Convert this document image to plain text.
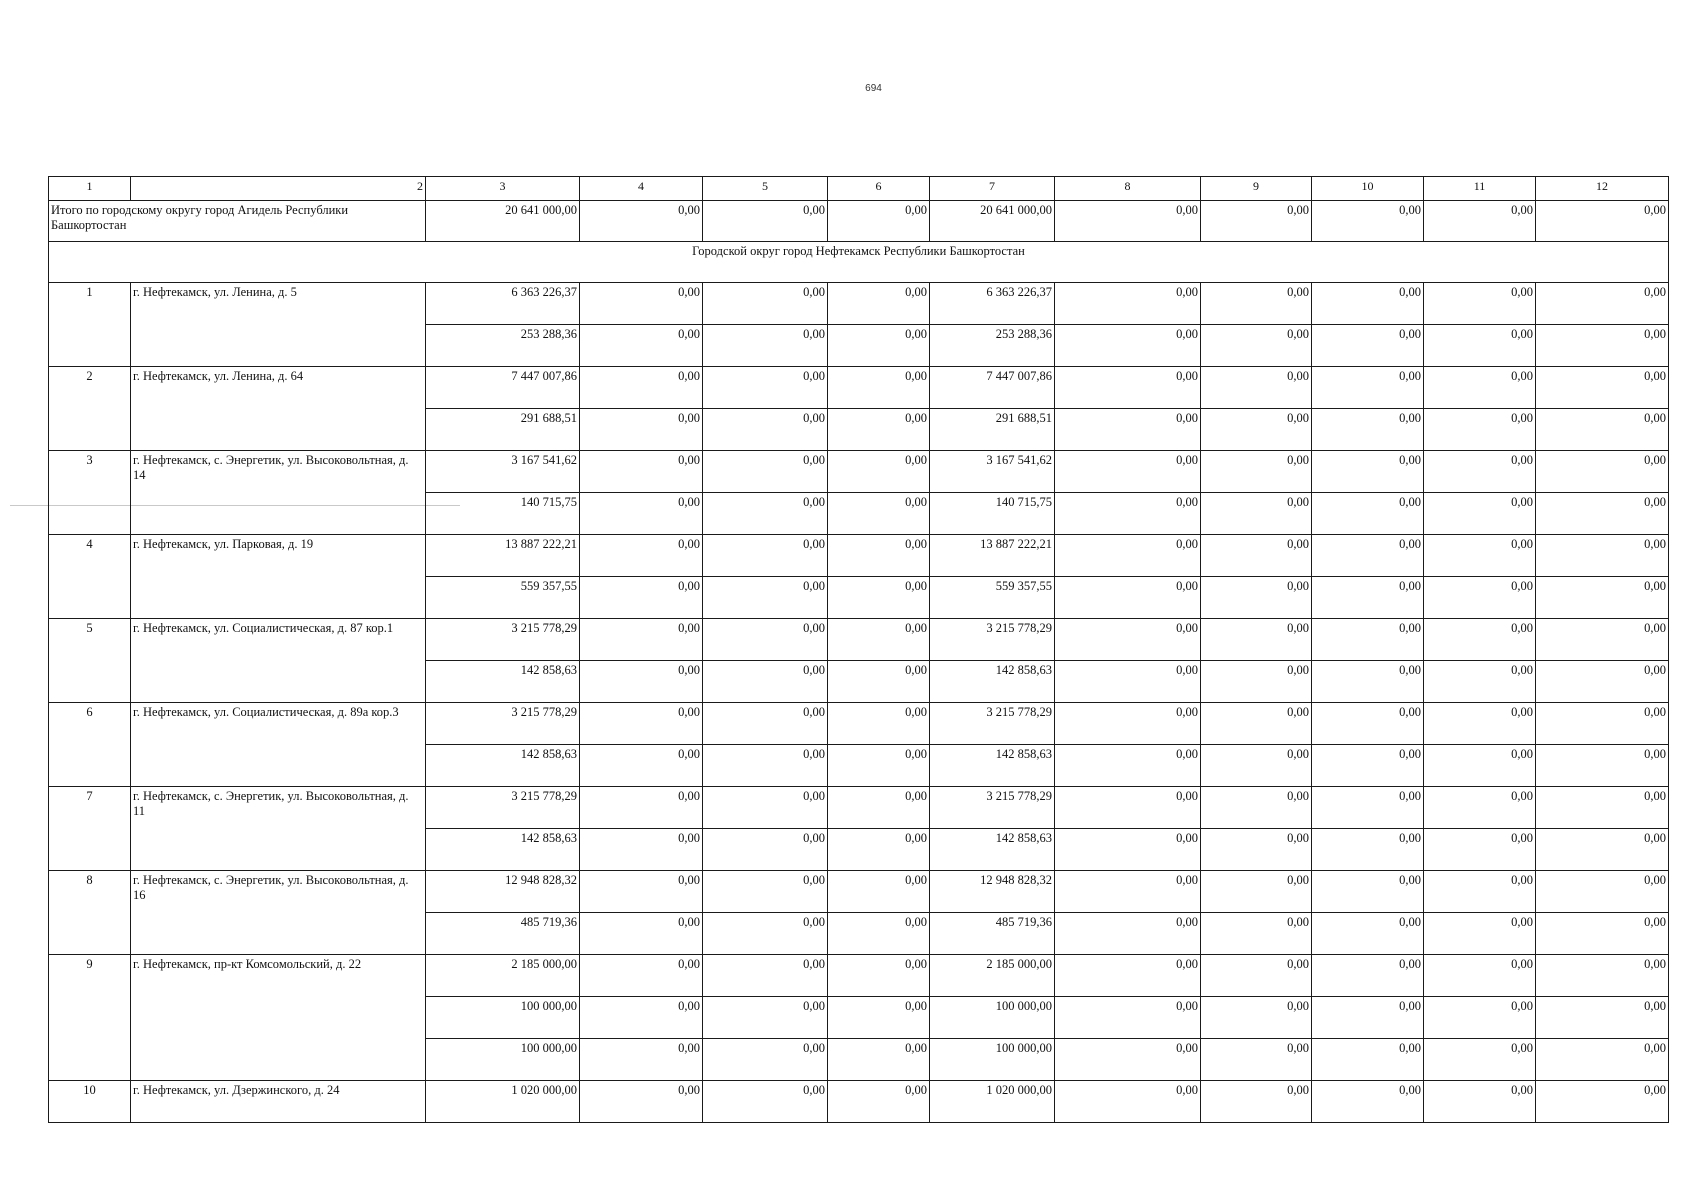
694
1	2	3	4	5	6	7	8	9	10	11	12
Итого по городскому округу город Агидель Республики Башкортостан		20 641 000,00	0,00	0,00	0,00	20 641 000,00	0,00	0,00	0,00	0,00	0,00
Городской округ город Нефтекамск Республики Башкортостан											
1	г. Нефтекамск, ул. Ленина, д. 5	6 363 226,37	0,00	0,00	0,00	6 363 226,37	0,00	0,00	0,00	0,00	0,00
		253 288,36	0,00	0,00	0,00	253 288,36	0,00	0,00	0,00	0,00	0,00
2	г. Нефтекамск, ул. Ленина, д. 64	7 447 007,86	0,00	0,00	0,00	7 447 007,86	0,00	0,00	0,00	0,00	0,00
		291 688,51	0,00	0,00	0,00	291 688,51	0,00	0,00	0,00	0,00	0,00
3	г. Нефтекамск, с. Энергетик, ул. Высоковольтная, д. 14	3 167 541,62	0,00	0,00	0,00	3 167 541,62	0,00	0,00	0,00	0,00	0,00
		140 715,75	0,00	0,00	0,00	140 715,75	0,00	0,00	0,00	0,00	0,00
4	г. Нефтекамск, ул. Парковая, д. 19	13 887 222,21	0,00	0,00	0,00	13 887 222,21	0,00	0,00	0,00	0,00	0,00
		559 357,55	0,00	0,00	0,00	559 357,55	0,00	0,00	0,00	0,00	0,00
5	г. Нефтекамск, ул. Социалистическая, д. 87 кор.1	3 215 778,29	0,00	0,00	0,00	3 215 778,29	0,00	0,00	0,00	0,00	0,00
		142 858,63	0,00	0,00	0,00	142 858,63	0,00	0,00	0,00	0,00	0,00
6	г. Нефтекамск, ул. Социалистическая, д. 89а кор.3	3 215 778,29	0,00	0,00	0,00	3 215 778,29	0,00	0,00	0,00	0,00	0,00
		142 858,63	0,00	0,00	0,00	142 858,63	0,00	0,00	0,00	0,00	0,00
7	г. Нефтекамск, с. Энергетик, ул. Высоковольтная, д. 11	3 215 778,29	0,00	0,00	0,00	3 215 778,29	0,00	0,00	0,00	0,00	0,00
		142 858,63	0,00	0,00	0,00	142 858,63	0,00	0,00	0,00	0,00	0,00
8	г. Нефтекамск, с. Энергетик, ул. Высоковольтная, д. 16	12 948 828,32	0,00	0,00	0,00	12 948 828,32	0,00	0,00	0,00	0,00	0,00
		485 719,36	0,00	0,00	0,00	485 719,36	0,00	0,00	0,00	0,00	0,00
9	г. Нефтекамск, пр-кт Комсомольский, д. 22	2 185 000,00	0,00	0,00	0,00	2 185 000,00	0,00	0,00	0,00	0,00	0,00
		100 000,00	0,00	0,00	0,00	100 000,00	0,00	0,00	0,00	0,00	0,00
		100 000,00	0,00	0,00	0,00	100 000,00	0,00	0,00	0,00	0,00	0,00
10	г. Нефтекамск, ул. Дзержинского, д. 24	1 020 000,00	0,00	0,00	0,00	1 020 000,00	0,00	0,00	0,00	0,00	0,00
